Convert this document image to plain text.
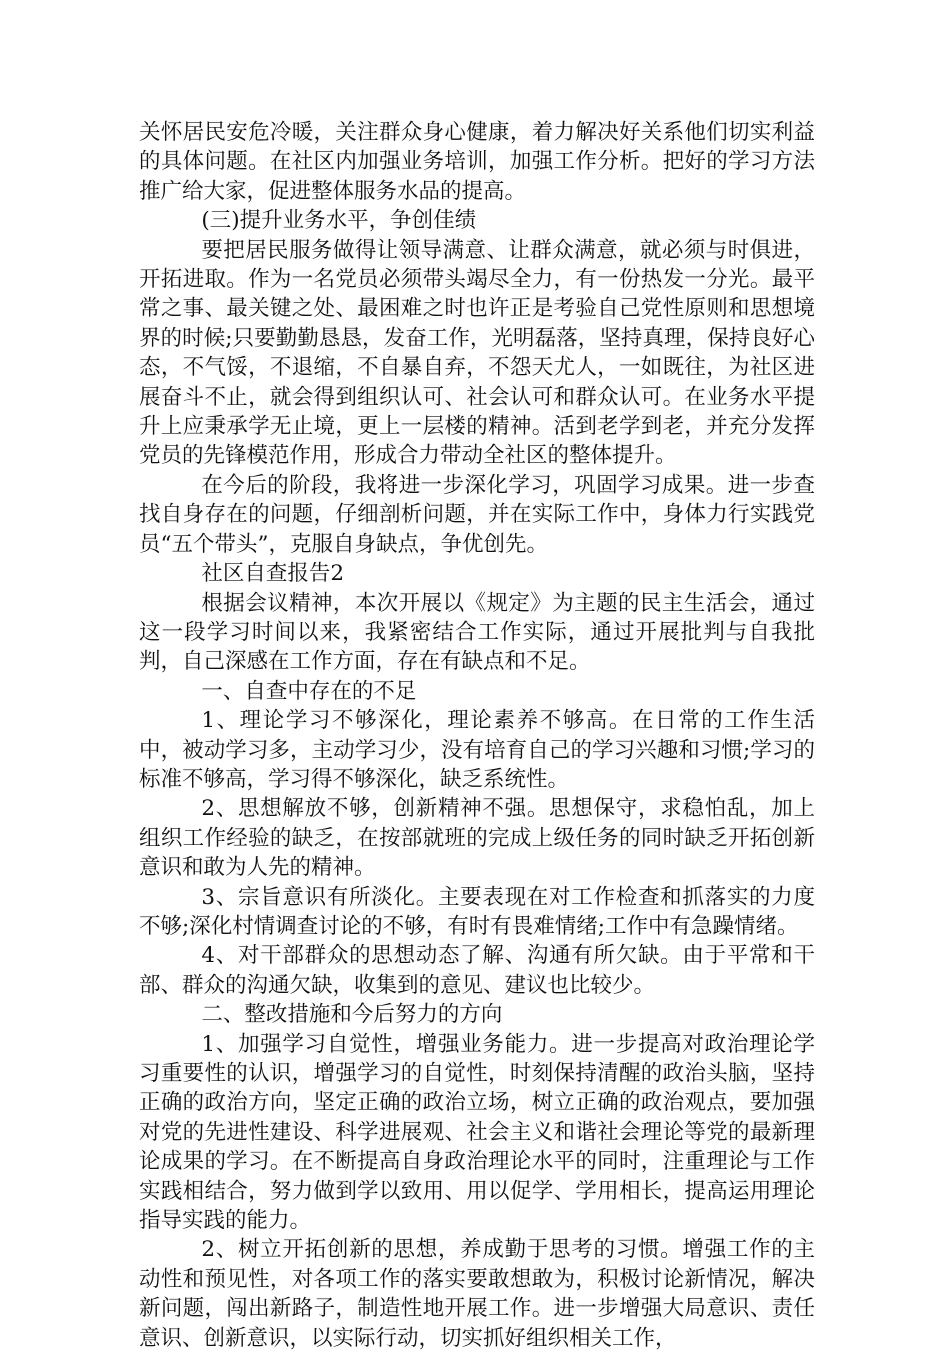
关怀居民安危冷暖，关注群众身心健康，着力解决好关系他们切实利益的具体问题。在社区内加强业务培训，加强工作分析。把好的学习方法推广给大家，促进整体服务水品的提高。

(三)提升业务水平，争创佳绩

要把居民服务做得让领导满意、让群众满意，就必须与时俱进，开拓进取。作为一名党员必须带头竭尽全力，有一份热发一分光。最平常之事、最关键之处、最困难之时也许正是考验自己党性原则和思想境界的时候;只要勤勤恳恳，发奋工作，光明磊落，坚持真理，保持良好心态，不气馁，不退缩，不自暴自弃，不怨天尤人，一如既往，为社区进展奋斗不止，就会得到组织认可、社会认可和群众认可。在业务水平提升上应秉承学无止境，更上一层楼的精神。活到老学到老，并充分发挥党员的先锋模范作用，形成合力带动全社区的整体提升。

在今后的阶段，我将进一步深化学习，巩固学习成果。进一步查找自身存在的问题，仔细剖析问题，并在实际工作中，身体力行实践党员“五个带头”，克服自身缺点，争优创先。

社区自查报告2

根据会议精神，本次开展以《规定》为主题的民主生活会，通过这一段学习时间以来，我紧密结合工作实际，通过开展批判与自我批判，自己深感在工作方面，存在有缺点和不足。

一、自查中存在的不足

1、理论学习不够深化，理论素养不够高。在日常的工作生活中，被动学习多，主动学习少，没有培育自己的学习兴趣和习惯;学习的标准不够高，学习得不够深化，缺乏系统性。

2、思想解放不够，创新精神不强。思想保守，求稳怕乱，加上组织工作经验的缺乏，在按部就班的完成上级任务的同时缺乏开拓创新意识和敢为人先的精神。

3、宗旨意识有所淡化。主要表现在对工作检查和抓落实的力度不够;深化村情调查讨论的不够，有时有畏难情绪;工作中有急躁情绪。

4、对干部群众的思想动态了解、沟通有所欠缺。由于平常和干部、群众的沟通欠缺，收集到的意见、建议也比较少。

二、整改措施和今后努力的方向

1、加强学习自觉性，增强业务能力。进一步提高对政治理论学习重要性的认识，增强学习的自觉性，时刻保持清醒的政治头脑，坚持正确的政治方向，坚定正确的政治立场，树立正确的政治观点，要加强对党的先进性建设、科学进展观、社会主义和谐社会理论等党的最新理论成果的学习。在不断提高自身政治理论水平的同时，注重理论与工作实践相结合，努力做到学以致用、用以促学、学用相长，提高运用理论指导实践的能力。

2、树立开拓创新的思想，养成勤于思考的习惯。增强工作的主动性和预见性，对各项工作的落实要敢想敢为，积极讨论新情况，解决新问题，闯出新路子，制造性地开展工作。进一步增强大局意识、责任意识、创新意识，以实际行动，切实抓好组织相关工作，
